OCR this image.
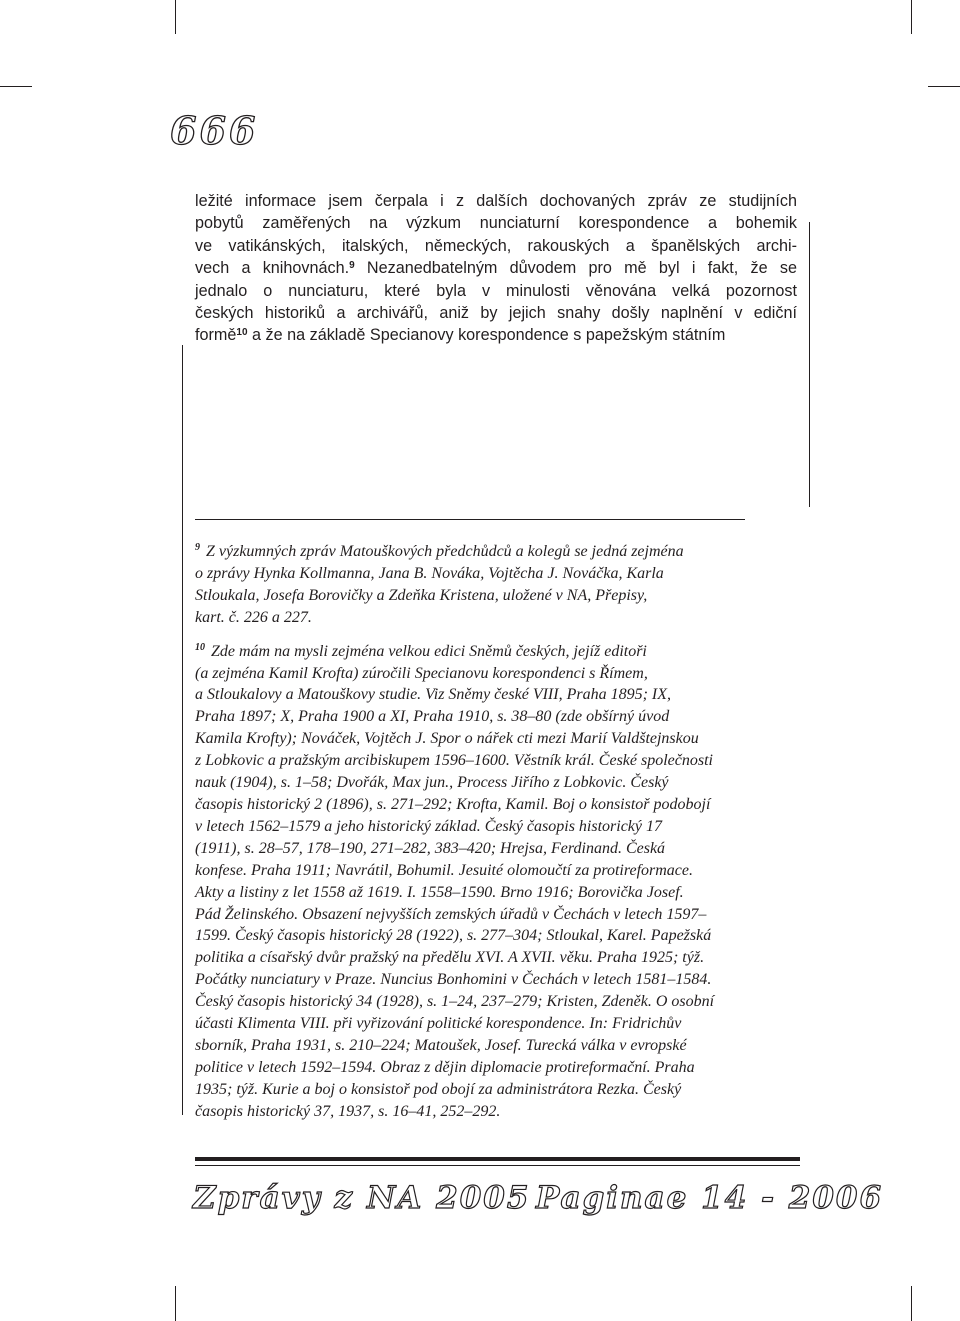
666
ležité informace jsem čerpala i z dalších dochovaných zpráv ze studijních
pobytů zaměřených na výzkum nunciaturní korespondence a bohemik
ve vatikánských, italských, německých, rakouských a španělských archi-
vech a knihovnách.$^9$ Nezanedbatelným důvodem pro mě byl i fakt, že se
jednalo o nunciaturu, které byla v minulosti věnována velká pozornost
českých historiků a archivářů, aniž by jejich snahy došly naplnění v ediční
formě$^{10}$ a že na základě Specianovy korespondence s papežským státním
$^9$ Z výzkumných zpráv Matouškových předchůdců a kolegů se jedná zejména
o zprávy Hynka Kollmanna, Jana B. Nováka, Vojtěcha J. Nováčka, Karla
Stloukala, Josefa Borovičky a Zdeňka Kristena, uložené v NA, Přepisy,
kart. č. 226 a 227.
$^{10}$ Zde mám na mysli zejména velkou edici Sněmů českých, jejíž editoři
(a zejména Kamil Krofta) zúročili Specianovu korespondenci s Římem,
a Stloukalovy a Matouškovy studie. Viz Sněmy české VIII, Praha 1895; IX,
Praha 1897; X, Praha 1900 a XI, Praha 1910, s. 38–80 (zde obšírný úvod
Kamila Krofty); Nováček, Vojtěch J. Spor o nářek cti mezi Marií Valdštejnskou
z Lobkovic a pražským arcibiskupem 1596–1600. Věstník král. České společnosti
nauk (1904), s. 1–58; Dvořák, Max jun., Process Jiřího z Lobkovic. Český
časopis historický 2 (1896), s. 271–292; Krofta, Kamil. Boj o konsistoř podobojí
v letech 1562–1579 a jeho historický základ. Český časopis historický 17
(1911), s. 28–57, 178–190, 271–282, 383–420; Hrejsa, Ferdinand. Česká
konfese. Praha 1911; Navrátil, Bohumil. Jesuité olomoučtí za protireformace.
Akty a listiny z let 1558 až 1619. I. 1558–1590. Brno 1916; Borovička Josef.
Pád Želinského. Obsazení nejvyšších zemských úřadů v Čechách v letech 1597–
1599. Český časopis historický 28 (1922), s. 277–304; Stloukal, Karel. Papežská
politika a císařský dvůr pražský na předělu XVI. A XVII. věku. Praha 1925; týž.
Počátky nunciatury v Praze. Nuncius Bonhomini v Čechách v letech 1581–1584.
Český časopis historický 34 (1928), s. 1–24, 237–279; Kristen, Zdeněk. O osobní
účasti Klimenta VIII. při vyřizování politické korespondence. In: Fridrichův
sborník, Praha 1931, s. 210–224; Matoušek, Josef. Turecká válka v evropské
politice v letech 1592–1594. Obraz z dějin diplomacie protireformační. Praha
1935; týž. Kurie a boj o konsistoř pod obojí za administrátora Rezka. Český
časopis historický 37, 1937, s. 16–41, 252–292.
Zprávy z NA 2005 Paginae 14 - 2006
